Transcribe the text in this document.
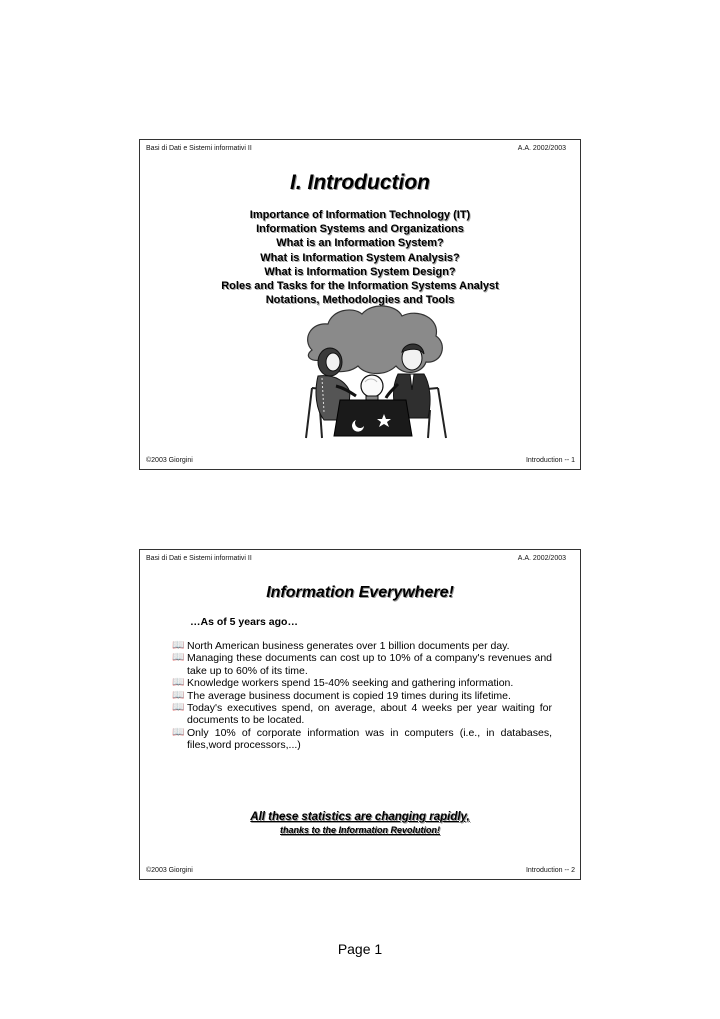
Basi di Dati e Sistemi informativi II	A.A. 2002/2003
I. Introduction
Importance of Information Technology (IT)
Information Systems and Organizations
What is an Information System?
What is Information System Analysis?
What is Information System Design?
Roles and Tasks for the Information Systems Analyst
Notations, Methodologies and Tools
©2003 Giorgini	Introduction -- 1
Basi di Dati e Sistemi informativi II	A.A. 2002/2003
Information Everywhere!
…As of 5 years ago…
📖 North American business generates over 1 billion documents per day.
📖 Managing these documents can cost up to 10% of a company's revenues and take up to 60% of its time.
📖 Knowledge workers spend 15-40% seeking and gathering information.
📖 The average business document is copied 19 times during its lifetime.
📖 Today's executives spend, on average, about 4 weeks per year waiting for documents to be located.
📖 Only 10% of corporate information was in computers (i.e., in databases, files,word processors,...)
All these statistics are changing rapidly,
thanks to the Information Revolution!
©2003 Giorgini	Introduction -- 2
Page 1
